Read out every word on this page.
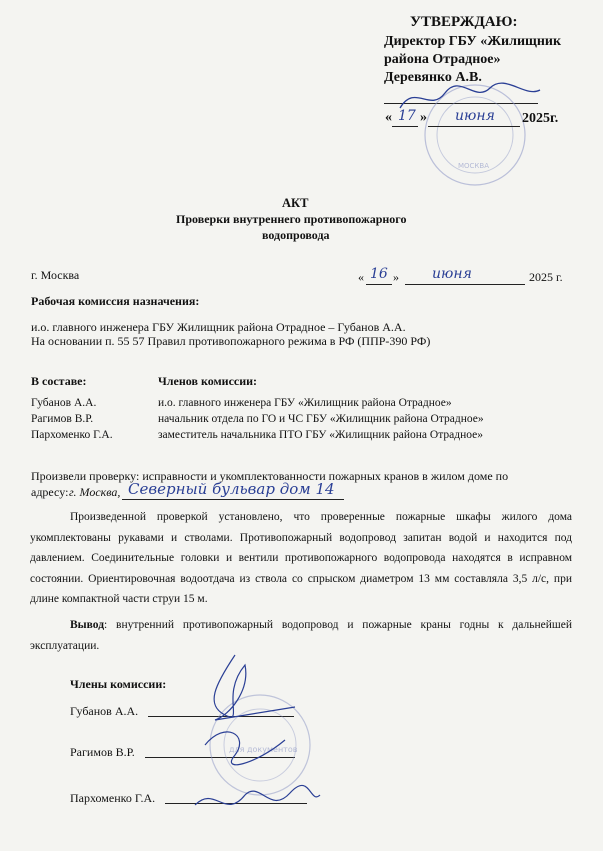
УТВЕРЖДАЮ:
Директор ГБУ «Жилищник
района Отрадное»
Деревянко А.В.
МОСКВА
« 17 » июня 2025г.
АКТ
Проверки внутреннего противопожарного
водопровода
г. Москва	« 16 » июня	2025 г.
Рабочая комиссия назначения:
и.о. главного инженера ГБУ Жилищник района Отрадное – Губанов А.А.
На основании п. 55 57 Правил противопожарного режима в РФ (ППР-390 РФ)
В составе:	Членов комиссии:
Губанов А.А.	и.о. главного инженера ГБУ «Жилищник района Отрадное»
Рагимов В.Р.	начальник отдела по ГО и ЧС ГБУ «Жилищник района Отрадное»
Пархоменко Г.А.	заместитель начальника ПТО ГБУ «Жилищник района Отрадное»
Произвели проверку: исправности и укомплектованности пожарных кранов в жилом доме по
адресу: г. Москва, Северный бульвар дом 14
Произведенной проверкой установлено, что проверенные пожарные шкафы жилого дома укомплектованы рукавами и стволами. Противопожарный водопровод запитан водой и находится под давлением. Соединительные головки и вентили противопожарного водопровода находятся в исправном состоянии. Ориентировочная водоотдача из ствола со спрыском диаметром 13 мм составляла 3,5 л/с, при длине компактной части струи 15 м.
Вывод: внутренний противопожарный водопровод и пожарные краны годны к дальнейшей эксплуатации.
Члены комиссии:
Губанов А.А.
Рагимов В.Р.
Пархоменко Г.А.
для документов
